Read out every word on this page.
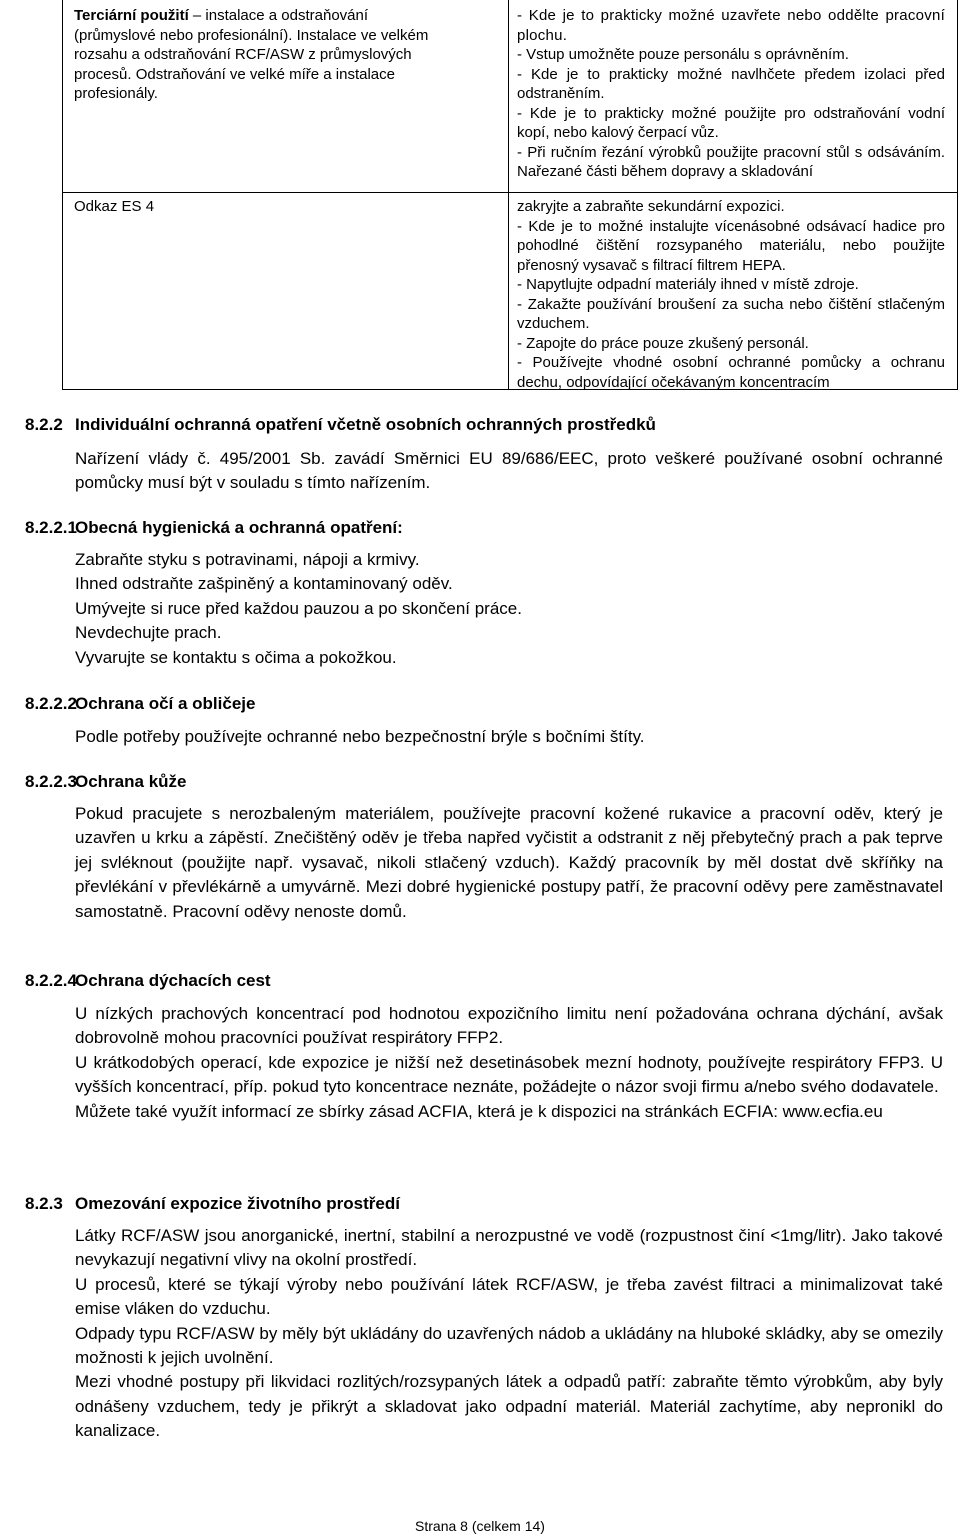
Terciární použití – instalace a odstraňování (průmyslové nebo profesionální). Instalace ve velkém rozsahu a odstraňování RCF/ASW z průmyslových procesů. Odstraňování ve velké míře a instalace profesionály.

Odkaz ES 4

- Kde je to prakticky možné uzavřete nebo oddělte pracovní plochu.

- Vstup umožněte pouze personálu s oprávněním.

- Kde je to prakticky možné navlhčete předem izolaci před odstraněním.

- Kde je to prakticky možné použijte pro odstraňování vodní kopí, nebo kalový čerpací vůz.

- Při ručním řezání výrobků použijte pracovní stůl s odsáváním. Nařezané části během dopravy a skladování

zakryjte a zabraňte sekundární expozici.

- Kde je to možné instalujte vícenásobné odsávací hadice pro pohodlné čištění rozsypaného materiálu, nebo použijte přenosný vysavač s filtrací filtrem HEPA.

- Napytlujte odpadní materiály ihned v místě zdroje.

- Zakažte používání broušení za sucha nebo čištění stlačeným vzduchem.

- Zapojte do práce pouze zkušený personál.

- Používejte vhodné osobní ochranné pomůcky a ochranu dechu, odpovídající očekávaným koncentracím

8.2.2 Individuální ochranná opatření včetně osobních ochranných prostředků

Nařízení vlády č. 495/2001 Sb. zavádí Směrnici EU 89/686/EEC, proto veškeré používané osobní ochranné pomůcky musí být v souladu s tímto nařízením.

8.2.2.1
Obecná hygienická a ochranná opatření:

Zabraňte styku s potravinami, nápoji a krmivy.

Ihned odstraňte zašpiněný a kontaminovaný oděv.

Umývejte si ruce před každou pauzou a po skončení práce.

Nevdechujte prach.

Vyvarujte se kontaktu s očima a pokožkou.

8.2.2.2
Ochrana očí a obličeje

Podle potřeby používejte ochranné nebo bezpečnostní brýle s bočními štíty.

8.2.2.3
Ochrana kůže

Pokud pracujete s nerozbaleným materiálem, používejte pracovní kožené rukavice a pracovní oděv, který je uzavřen u krku a zápěstí. Znečištěný oděv je třeba napřed vyčistit a odstranit z něj přebytečný prach a pak teprve jej svléknout (použijte např. vysavač, nikoli stlačený vzduch). Každý pracovník by měl dostat dvě skříňky na převlékání v převlékárně a umyvárně. Mezi dobré hygienické postupy patří, že pracovní oděvy pere zaměstnavatel samostatně. Pracovní oděvy nenoste domů.

8.2.2.4
Ochrana dýchacích cest

U nízkých prachových koncentrací pod hodnotou expozičního limitu není požadována ochrana dýchání, avšak dobrovolně mohou pracovníci používat respirátory FFP2.

U krátkodobých operací, kde expozice je nižší než desetinásobek mezní hodnoty, používejte respirátory FFP3. U vyšších koncentrací, příp. pokud tyto koncentrace neznáte, požádejte o názor svoji firmu a/nebo svého dodavatele.

Můžete také využít informací ze sbírky zásad ACFIA, která je k dispozici na stránkách ECFIA: www.ecfia.eu

8.2.3 Omezování expozice životního prostředí

Látky RCF/ASW jsou anorganické, inertní, stabilní a nerozpustné ve vodě (rozpustnost činí <1mg/litr). Jako takové nevykazují negativní vlivy na okolní prostředí.

U procesů, které se týkají výroby nebo používání látek RCF/ASW, je třeba zavést filtraci a minimalizovat také emise vláken do vzduchu.

Odpady typu RCF/ASW by měly být ukládány do uzavřených nádob a ukládány na hluboké skládky, aby se omezily možnosti k jejich uvolnění.

Mezi vhodné postupy při likvidaci rozlitých/rozsypaných látek a odpadů patří: zabraňte těmto výrobkům, aby byly odnášeny vzduchem, tedy je přikrýt a skladovat jako odpadní materiál. Materiál zachytíme, aby nepronikl do kanalizace.

Strana 8 (celkem 14)
